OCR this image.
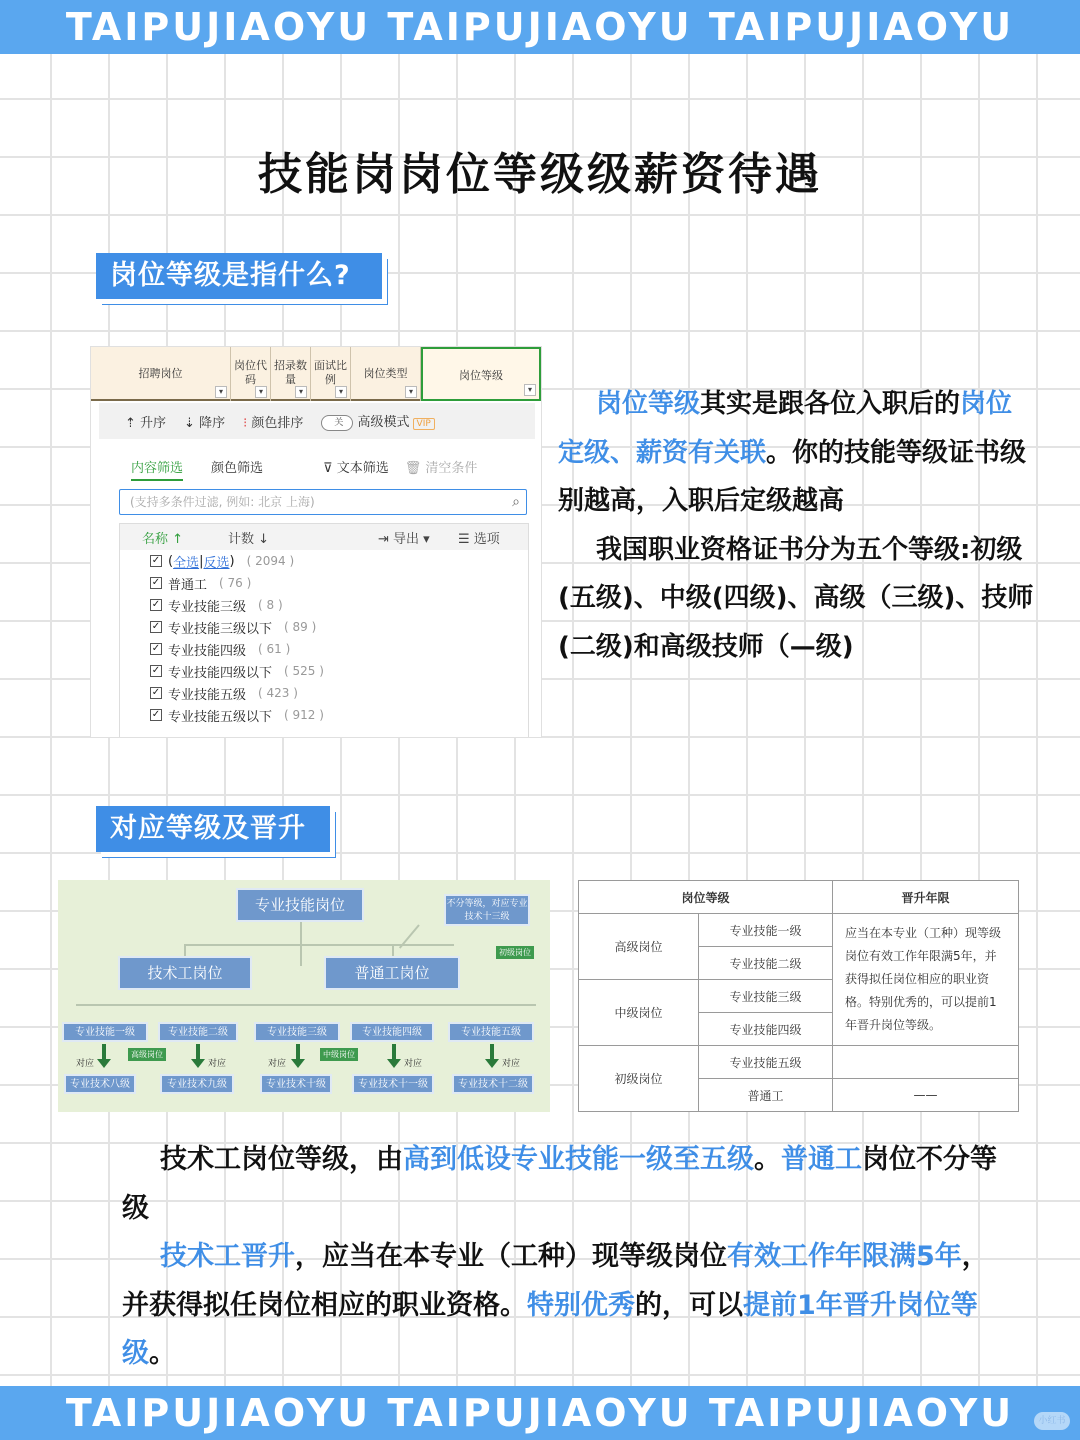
TAIPUJIAOYU TAIPUJIAOYU TAIPUJIAOYU
技能岗岗位等级级薪资待遇
岗位等级是指什么?
招聘岗位
▾
岗位代码
▾
招录数量
▾
面试比例
▾
岗位类型
▾
岗位等级
▾
⇡ 升序 ⇣ 降序 ⁝ 颜色排序	关 高级模式 VIP
内容筛选 颜色筛选	⊽ 文本筛选 🗑 清空条件
(支持多条件过滤, 例如: 北京 上海)	⌕
名称 ↑	计数 ↓	⇥ 导出 ▾	☰ 选项
✓ ( 全选 | 反选 ) ( 2094 )
✓ 普通工 ( 76 )
✓ 专业技能三级 ( 8 )
✓ 专业技能三级以下 ( 89 )
✓ 专业技能四级 ( 61 )
✓ 专业技能四级以下 ( 525 )
✓ 专业技能五级 ( 423 )
✓ 专业技能五级以下 ( 912 )
岗位等级其实是跟各位入职后的岗位定级、薪资有关联。你的技能等级证书级别越高，入职后定级越高
我国职业资格证书分为五个等级:初级(五级)、中级(四级)、高级（三级)、技师(二级)和高级技师（—级)
对应等级及晋升
专业技能岗位	不分等级，对应专业技术十三级
初级岗位
技术工岗位	普通工岗位
专业技能一级	专业技能二级	专业技能三级	专业技能四级	专业技能五级
高级岗位	中级岗位
对应	对应	对应	对应	对应
专业技术八级	专业技术九级	专业技术十级	专业技术十一级	专业技术十二级
岗位等级		晋升年限
高级岗位	专业技能一级	应当在本专业（工种）现等级岗位有效工作年限满5年，并获得拟任岗位相应的职业资格。特别优秀的，可以提前1年晋升岗位等级。
	专业技能二级	
中级岗位	专业技能三级	
	专业技能四级	
初级岗位	专业技能五级	
	普通工	——
技术工岗位等级，由高到低设专业技能一级至五级。普通工岗位不分等级
技术工晋升，应当在本专业（工种）现等级岗位有效工作年限满5年，并获得拟任岗位相应的职业资格。特别优秀的，可以提前1年晋升岗位等级。
TAIPUJIAOYU TAIPUJIAOYU TAIPUJIAOYU	小红书
